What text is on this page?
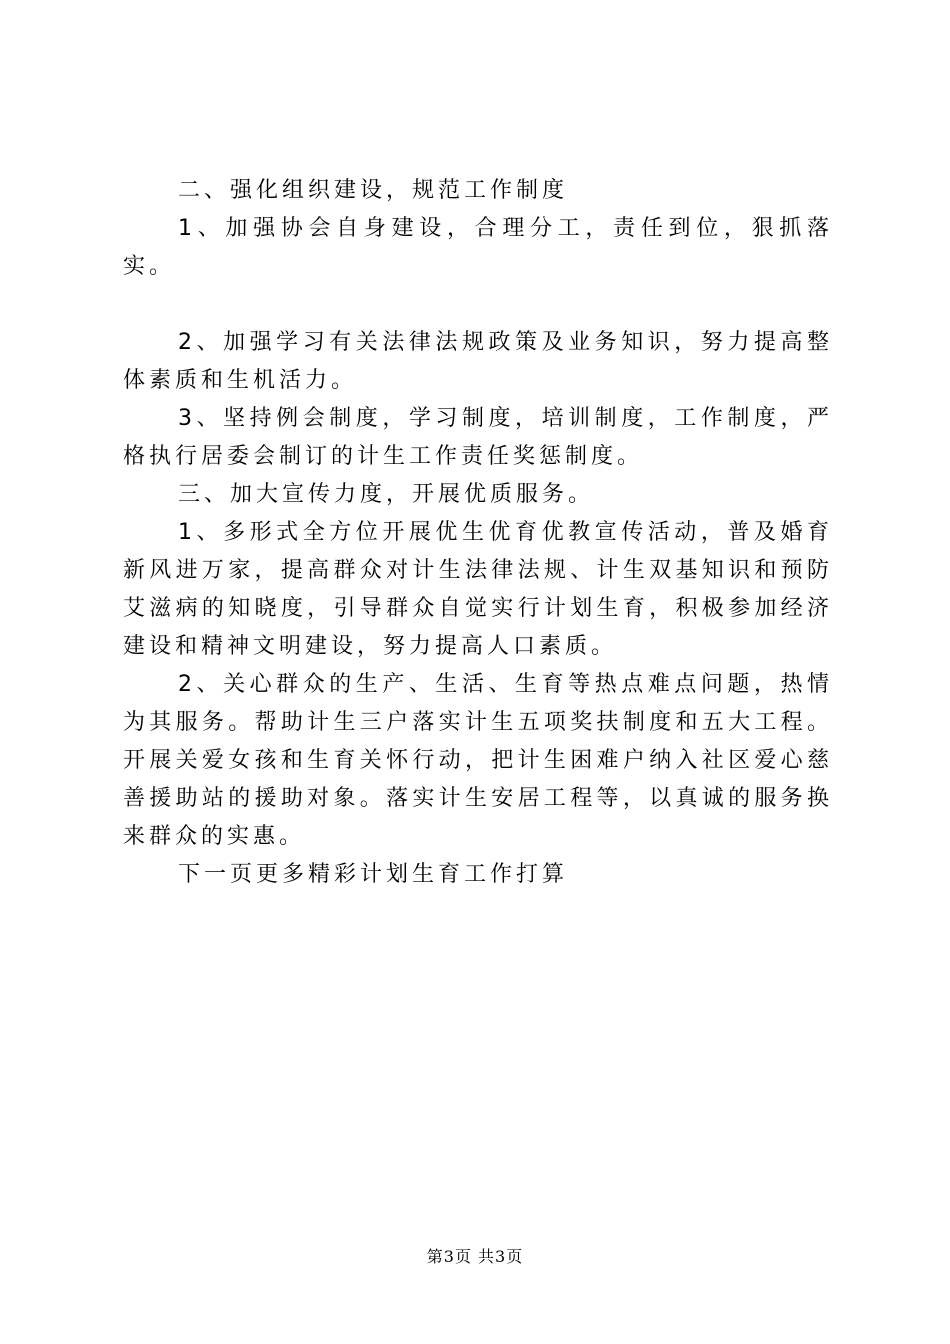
二、强化组织建设，规范工作制度

1、加强协会自身建设，合理分工，责任到位，狠抓落实。

2、加强学习有关法律法规政策及业务知识，努力提高整体素质和生机活力。

3、坚持例会制度，学习制度，培训制度，工作制度，严格执行居委会制订的计生工作责任奖惩制度。

三、加大宣传力度，开展优质服务。

1、多形式全方位开展优生优育优教宣传活动，普及婚育新风进万家，提高群众对计生法律法规、计生双基知识和预防艾滋病的知晓度，引导群众自觉实行计划生育，积极参加经济建设和精神文明建设，努力提高人口素质。

2、关心群众的生产、生活、生育等热点难点问题，热情为其服务。帮助计生三户落实计生五项奖扶制度和五大工程。开展关爱女孩和生育关怀行动，把计生困难户纳入社区爱心慈善援助站的援助对象。落实计生安居工程等，以真诚的服务换来群众的实惠。

下一页更多精彩计划生育工作打算

第3页 共3页
